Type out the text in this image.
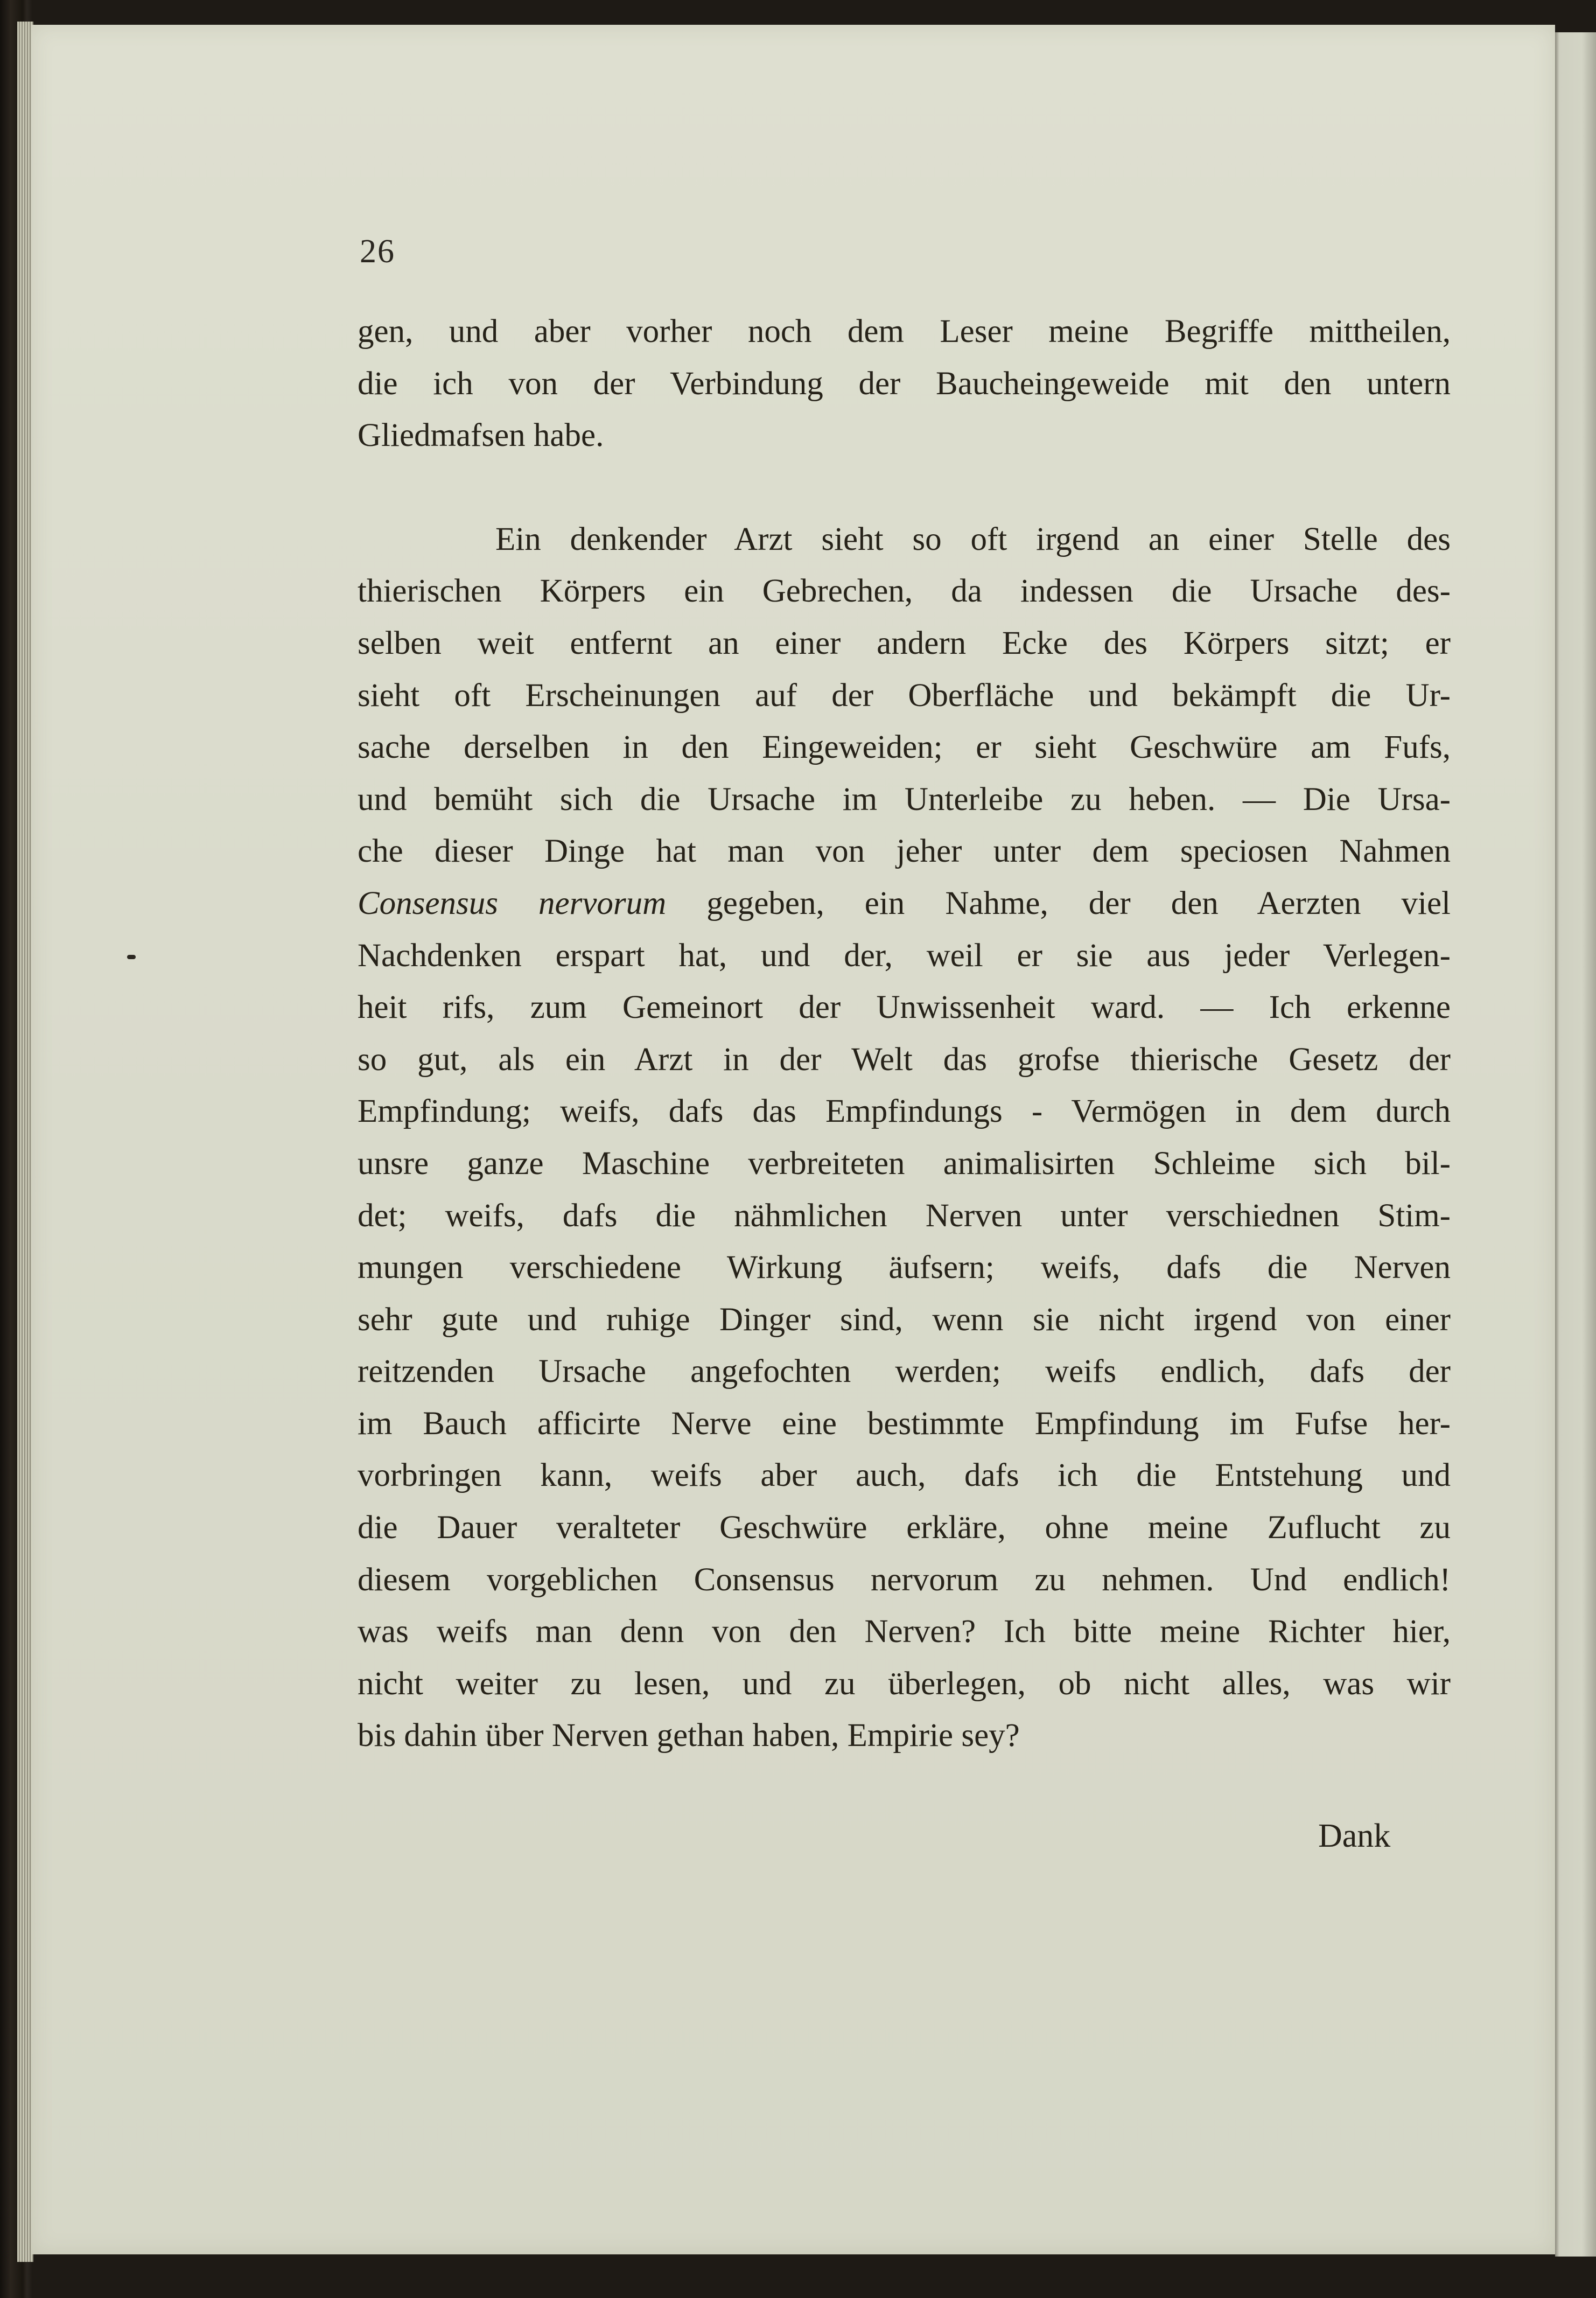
26
gen, und aber vorher noch dem Leser meine Begriffe mittheilen,
die ich von der Verbindung der Baucheingeweide mit den untern
Gliedmafsen habe.
Ein denkender Arzt sieht so oft irgend an einer Stelle des
thierischen Körpers ein Gebrechen, da indessen die Ursache des-
selben weit entfernt an einer andern Ecke des Körpers sitzt; er
sieht oft Erscheinungen auf der Oberfläche und bekämpft die Ur-
sache derselben in den Eingeweiden; er sieht Geschwüre am Fufs,
und bemüht sich die Ursache im Unterleibe zu heben. — Die Ursa-
che dieser Dinge hat man von jeher unter dem speciosen Nahmen
Consensus nervorum gegeben, ein Nahme, der den Aerzten viel
Nachdenken erspart hat, und der, weil er sie aus jeder Verlegen-
heit rifs, zum Gemeinort der Unwissenheit ward. — Ich erkenne
so gut, als ein Arzt in der Welt das grofse thierische Gesetz der
Empfindung; weifs, dafs das Empfindungs - Vermögen in dem durch
unsre ganze Maschine verbreiteten animalisirten Schleime sich bil-
det; weifs, dafs die nähmlichen Nerven unter verschiednen Stim-
mungen verschiedene Wirkung äufsern; weifs, dafs die Nerven
sehr gute und ruhige Dinger sind, wenn sie nicht irgend von einer
reitzenden Ursache angefochten werden; weifs endlich, dafs der
im Bauch afficirte Nerve eine bestimmte Empfindung im Fufse her-
vorbringen kann, weifs aber auch, dafs ich die Entstehung und
die Dauer veralteter Geschwüre erkläre, ohne meine Zuflucht zu
diesem vorgeblichen Consensus nervorum zu nehmen. Und endlich!
was weifs man denn von den Nerven? Ich bitte meine Richter hier,
nicht weiter zu lesen, und zu überlegen, ob nicht alles, was wir
bis dahin über Nerven gethan haben, Empirie sey?
Dank
